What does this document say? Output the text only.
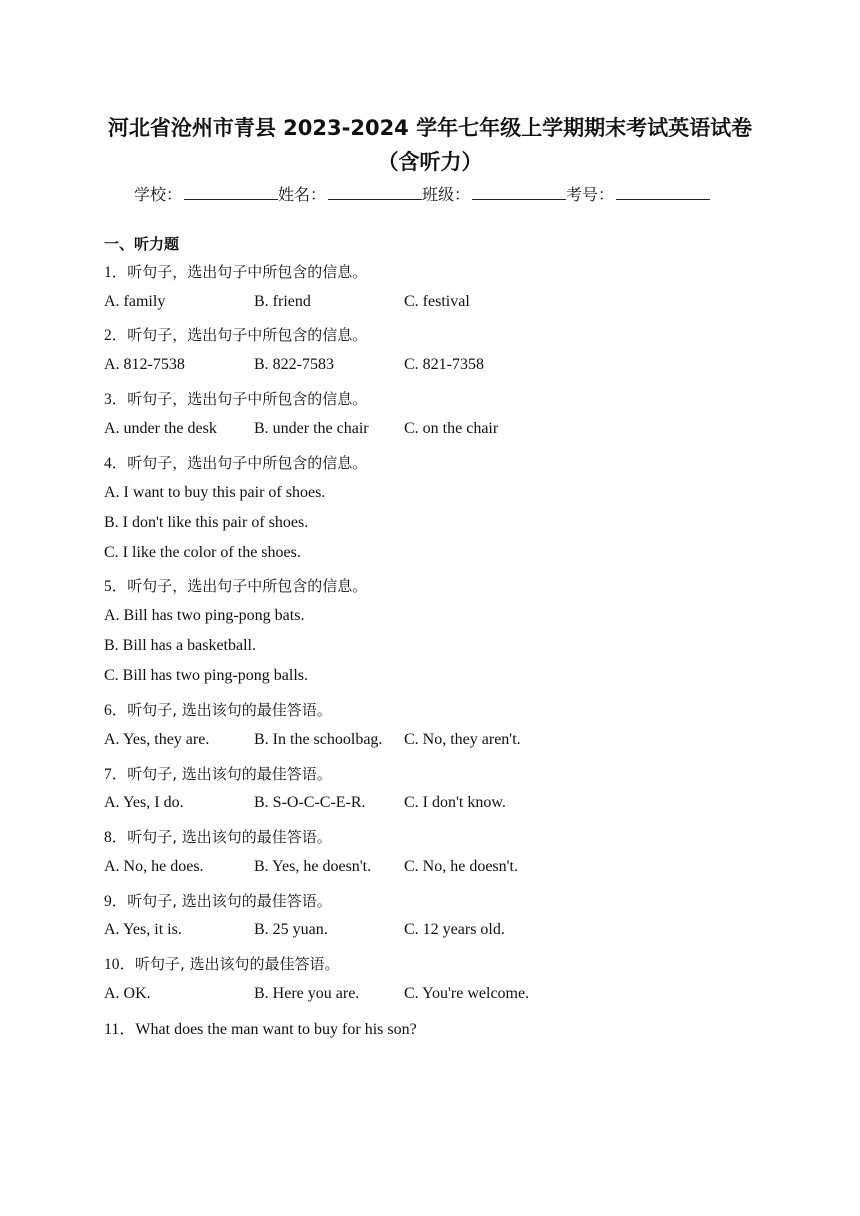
河北省沧州市青县 2023-2024 学年七年级上学期期末考试英语试卷
（含听力）
学校：	姓名：	班级：	考号：
一、听力题
1．听句子，选出句子中所包含的信息。
A. family	B. friend	C. festival
2．听句子，选出句子中所包含的信息。
A. 812-7538	B. 822-7583	C. 821-7358
3．听句子，选出句子中所包含的信息。
A. under the desk B. under the chair C. on the chair
4．听句子，选出句子中所包含的信息。
A. I want to buy this pair of shoes.
B. I don't like this pair of shoes.
C. I like the color of the shoes.
5．听句子，选出句子中所包含的信息。
A. Bill has two ping-pong bats.
B. Bill has a basketball.
C. Bill has two ping-pong balls.
6．听句子, 选出该句的最佳答语。
A. Yes, they are.	B. In the schoolbag. C. No, they aren't.
7．听句子, 选出该句的最佳答语。
A. Yes, I do.	B. S-O-C-C-E-R. C. I don't know.
8．听句子, 选出该句的最佳答语。
A. No, he does.	B. Yes, he doesn't. C. No, he doesn't.
9．听句子, 选出该句的最佳答语。
A. Yes, it is.	B. 25 yuan.	C. 12 years old.
10．听句子, 选出该句的最佳答语。
A. OK.	B. Here you are.	C. You're welcome.
11．What does the man want to buy for his son?
